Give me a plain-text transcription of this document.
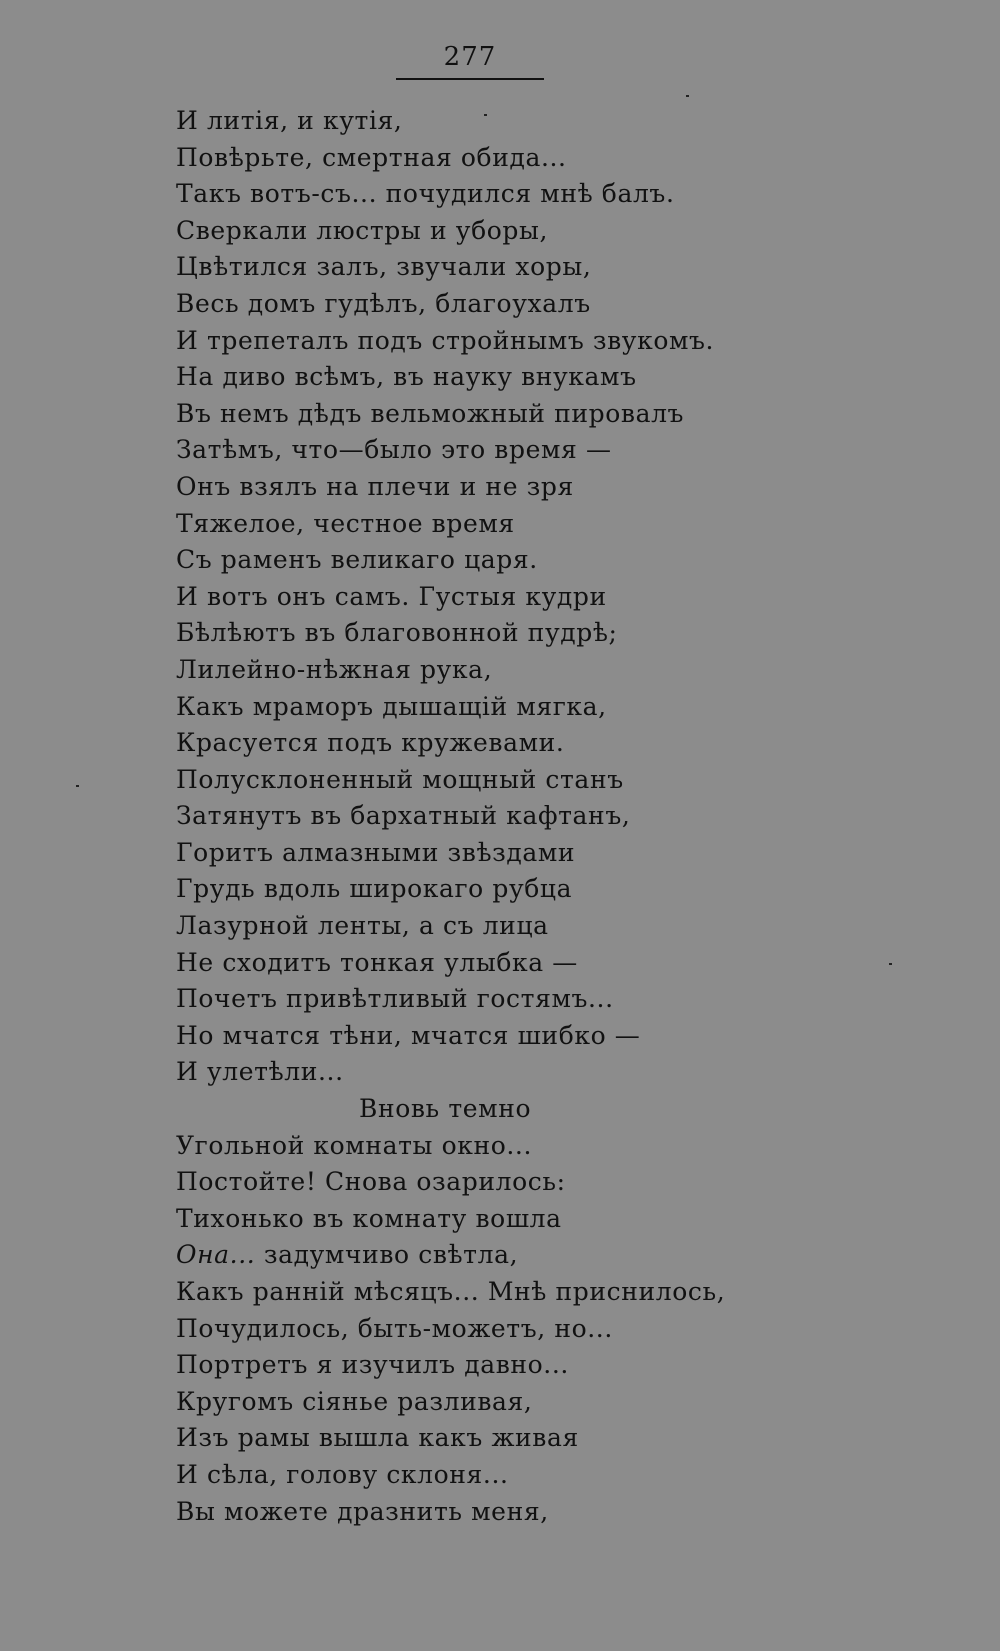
277
И литія, и кутія,
Повѣрьте, смертная обида...
Такъ вотъ-съ... почудился мнѣ балъ.
Сверкали люстры и уборы,
Цвѣтился залъ, звучали хоры,
Весь домъ гудѣлъ, благоухалъ
И трепеталъ подъ стройнымъ звукомъ.
На диво всѣмъ, въ науку внукамъ
Въ немъ дѣдъ вельможный пировалъ
Затѣмъ, что—было это время —
Онъ взялъ на плечи и не зря
Тяжелое, честное время
Съ раменъ великаго царя.
И вотъ онъ самъ. Густыя кудри
Бѣлѣютъ въ благовонной пудрѣ;
Лилейно-нѣжная рука,
Какъ мраморъ дышащій мягка,
Красуется подъ кружевами.
Полусклоненный мощный станъ
Затянутъ въ бархатный кафтанъ,
Горитъ алмазными звѣздами
Грудь вдоль широкаго рубца
Лазурной ленты, а съ лица
Не сходитъ тонкая улыбка —
Почетъ привѣтливый гостямъ...
Но мчатся тѣни, мчатся шибко —
И улетѣли...
Вновь темно
Угольной комнаты окно...
Постойте! Снова озарилось:
Тихонько въ комнату вошла
Она... задумчиво свѣтла,
Какъ ранній мѣсяцъ... Мнѣ приснилось,
Почудилось, быть-можетъ, но...
Портретъ я изучилъ давно...
Кругомъ сіянье разливая,
Изъ рамы вышла какъ живая
И сѣла, голову склоня...
Вы можете дразнить меня,
